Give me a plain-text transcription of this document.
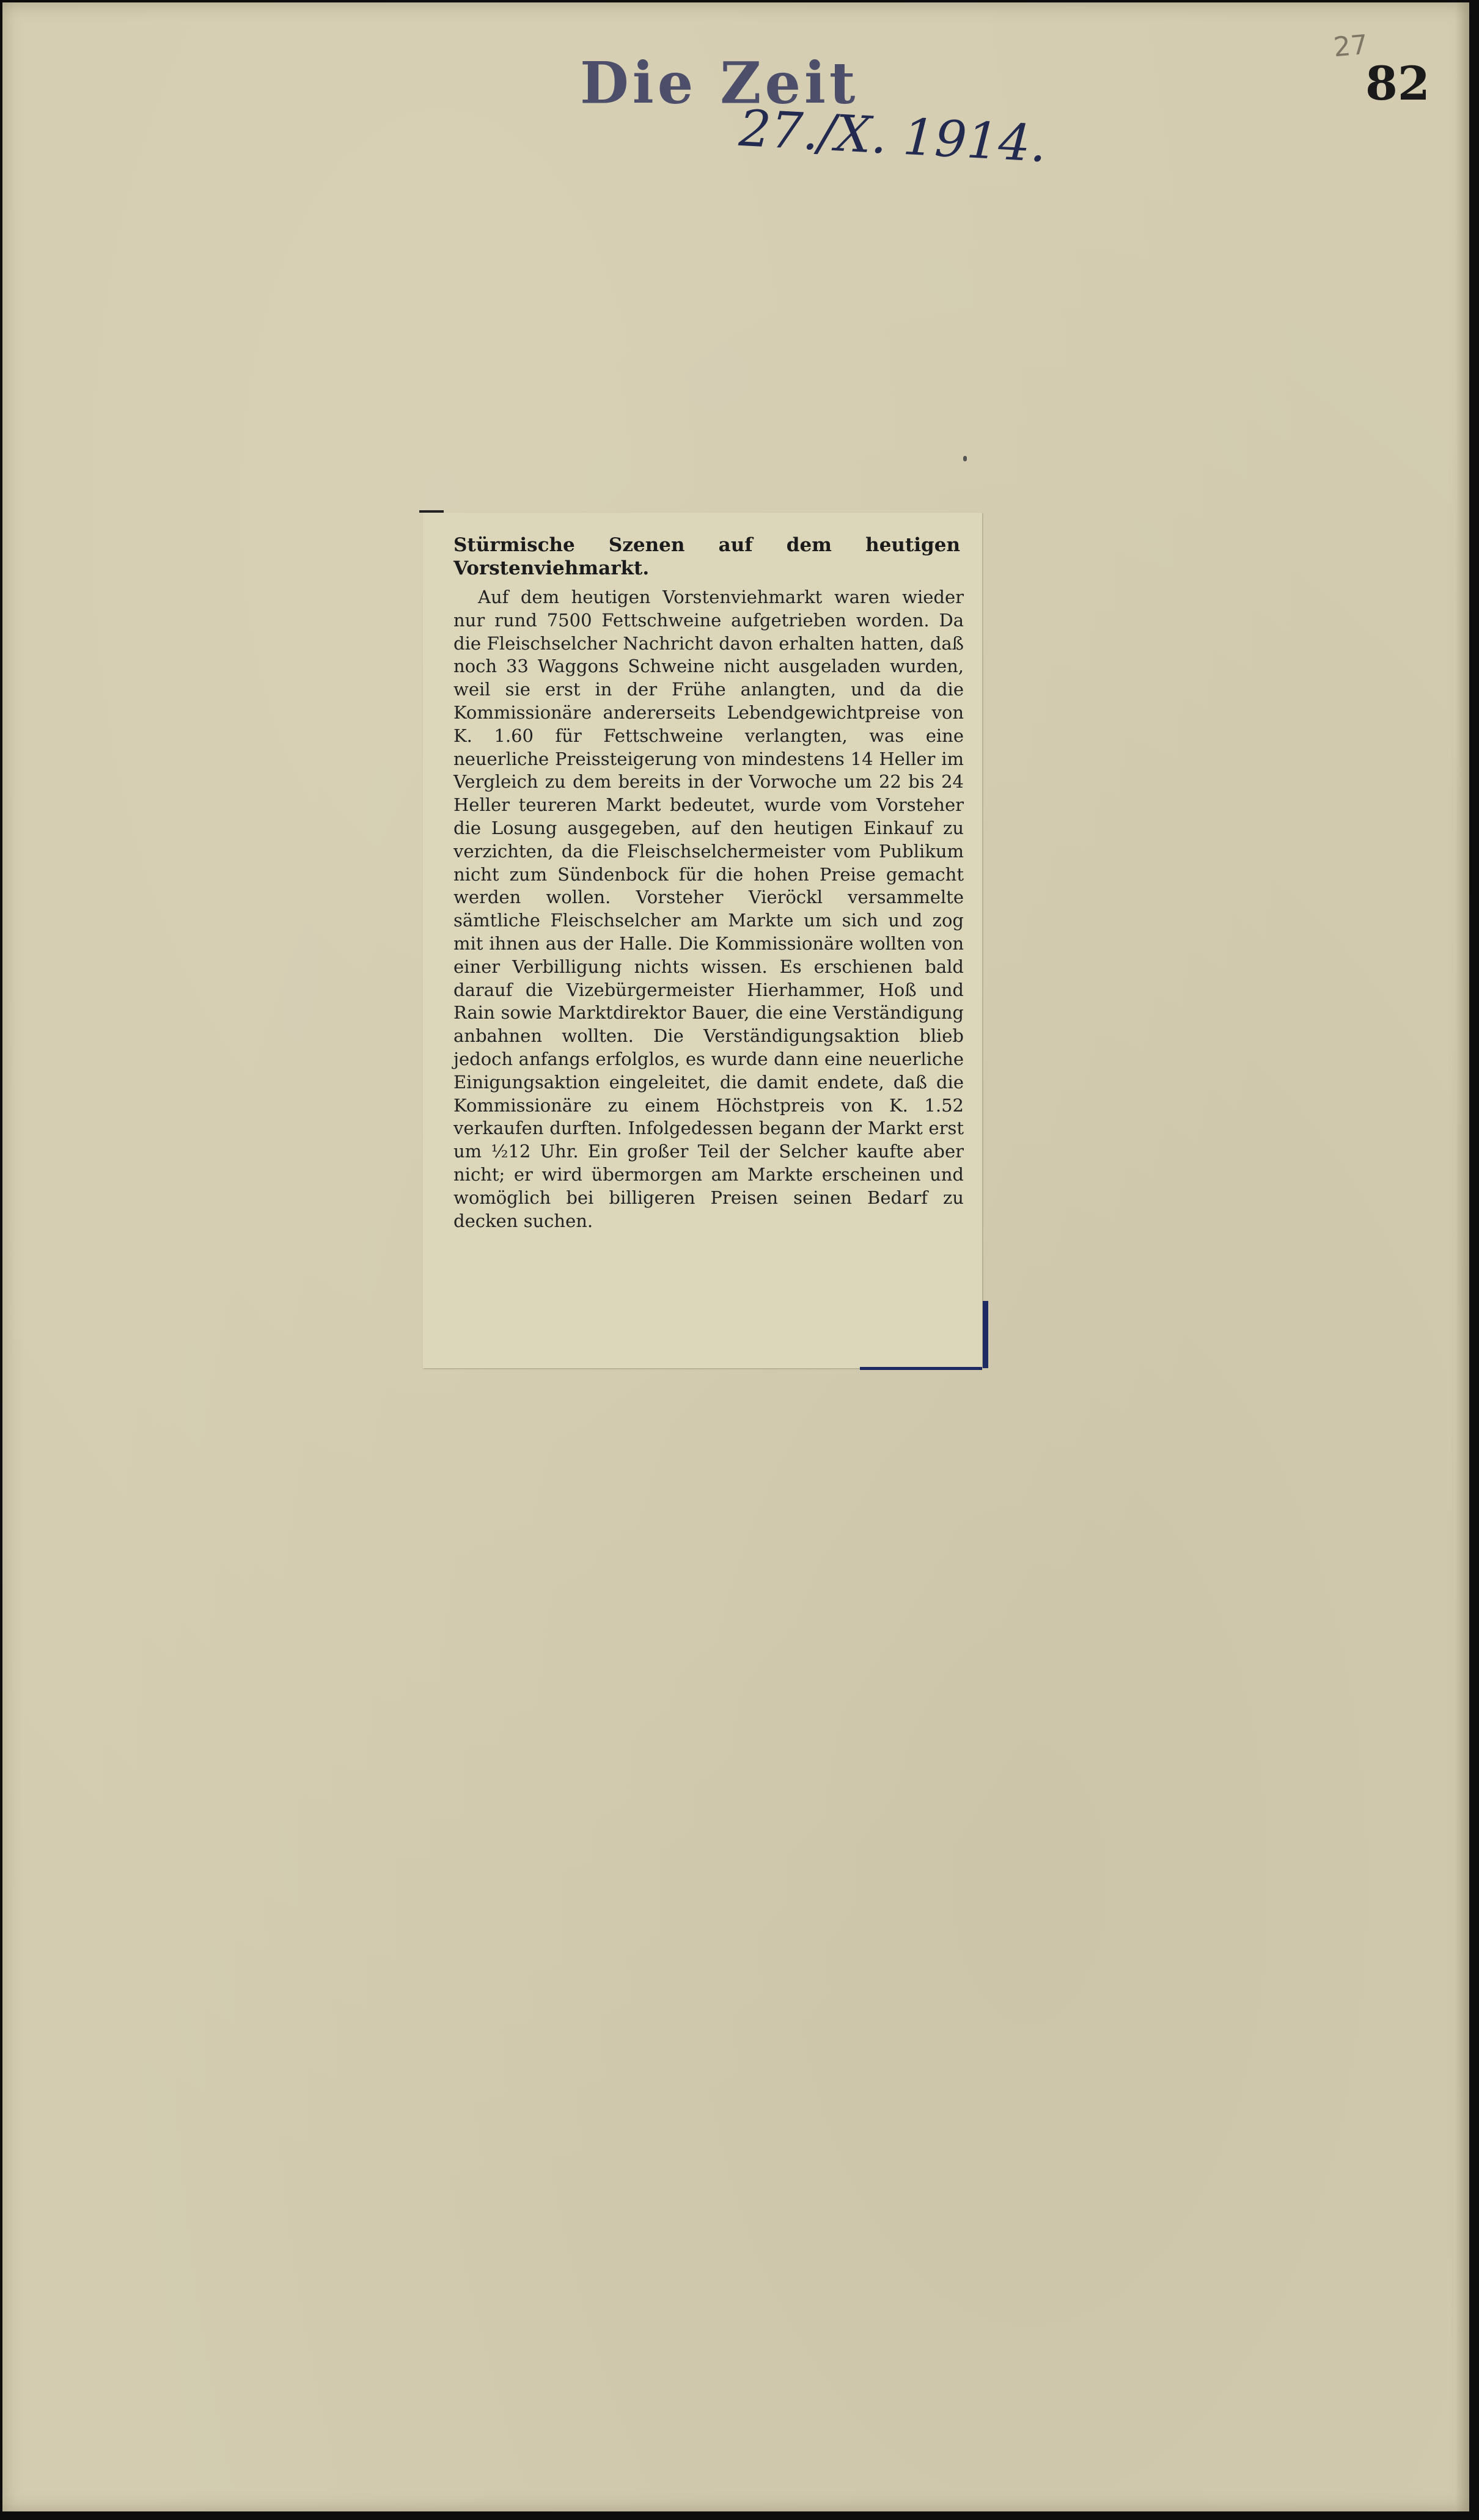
Die Zeit
27./X. 1914.
27
82
Stürmische Szenen auf dem heutigen Vorstenviehmarkt.
Auf dem heutigen Vorstenviehmarkt waren wieder nur rund 7500 Fettschweine aufgetrieben worden. Da die Fleischselcher Nachricht davon erhalten hatten, daß noch 33 Waggons Schweine nicht ausgeladen wurden, weil sie erst in der Frühe anlangten, und da die Kommissionäre andererseits Lebendgewichtpreise von K. 1.60 für Fettschweine verlangten, was eine neuerliche Preissteigerung von mindestens 14 Heller im Vergleich zu dem bereits in der Vorwoche um 22 bis 24 Heller teureren Markt bedeutet, wurde vom Vorsteher die Losung ausgegeben, auf den heutigen Einkauf zu verzichten, da die Fleischselchermeister vom Publikum nicht zum Sündenbock für die hohen Preise gemacht werden wollen. Vorsteher Vieröckl versammelte sämtliche Fleischselcher am Markte um sich und zog mit ihnen aus der Halle. Die Kommissionäre wollten von einer Verbilligung nichts wissen. Es erschienen bald darauf die Vizebürgermeister Hierhammer, Hoß und Rain sowie Marktdirektor Bauer, die eine Verständigung anbahnen wollten. Die Verständigungsaktion blieb jedoch anfangs erfolglos, es wurde dann eine neuerliche Einigungsaktion eingeleitet, die damit endete, daß die Kommissionäre zu einem Höchstpreis von K. 1.52 verkaufen durften. Infolgedessen begann der Markt erst um ½12 Uhr. Ein großer Teil der Selcher kaufte aber nicht; er wird übermorgen am Markte erscheinen und womöglich bei billigeren Preisen seinen Bedarf zu decken suchen.
